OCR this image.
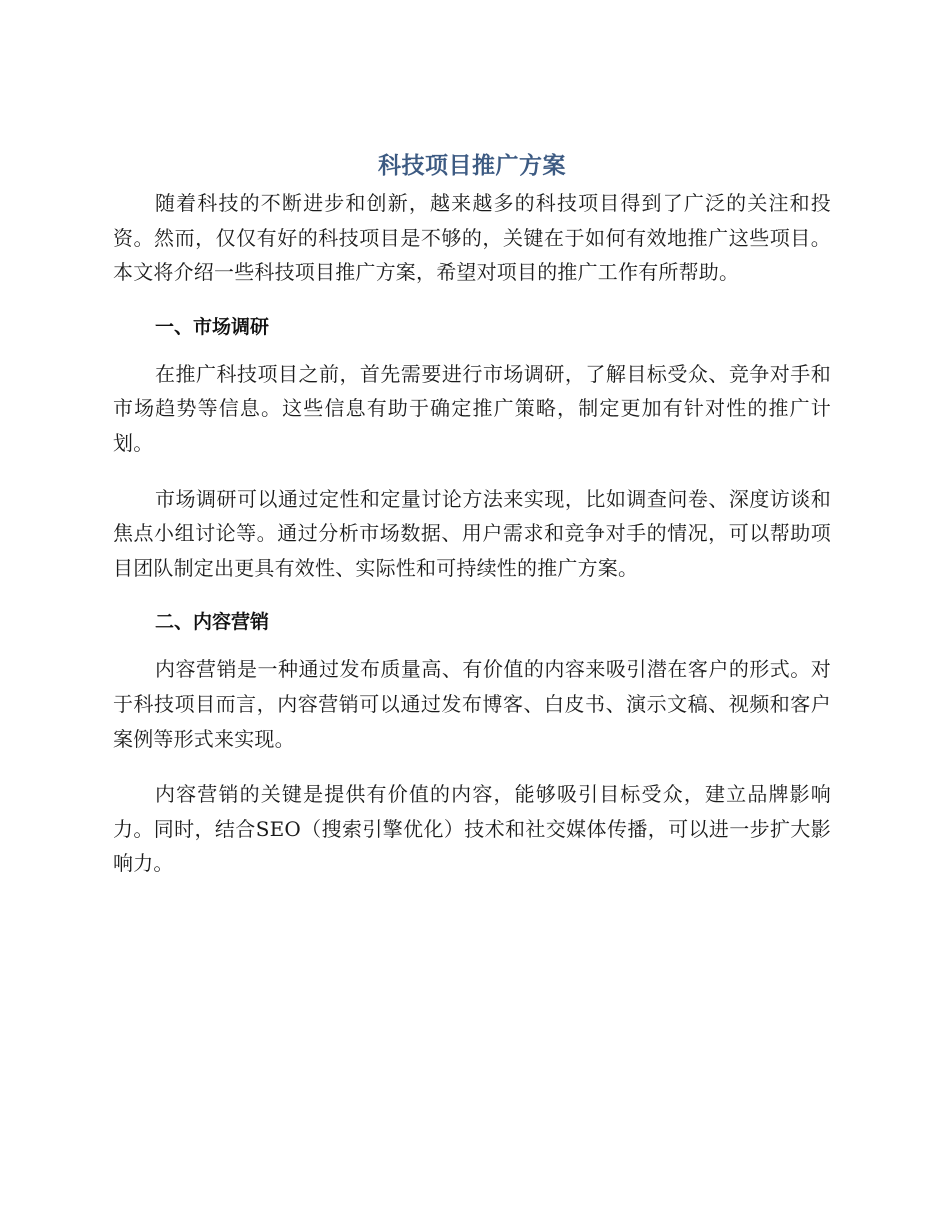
科技项目推广方案

随着科技的不断进步和创新，越来越多的科技项目得到了广泛的关注和投资。然而，仅仅有好的科技项目是不够的，关键在于如何有效地推广这些项目。本文将介绍一些科技项目推广方案，希望对项目的推广工作有所帮助。

一、市场调研

在推广科技项目之前，首先需要进行市场调研，了解目标受众、竞争对手和市场趋势等信息。这些信息有助于确定推广策略，制定更加有针对性的推广计划。

市场调研可以通过定性和定量讨论方法来实现，比如调查问卷、深度访谈和焦点小组讨论等。通过分析市场数据、用户需求和竞争对手的情况，可以帮助项目团队制定出更具有效性、实际性和可持续性的推广方案。

二、内容营销

内容营销是一种通过发布质量高、有价值的内容来吸引潜在客户的形式。对于科技项目而言，内容营销可以通过发布博客、白皮书、演示文稿、视频和客户案例等形式来实现。

内容营销的关键是提供有价值的内容，能够吸引目标受众，建立品牌影响力。同时，结合SEO（搜索引擎优化）技术和社交媒体传播，可以进一步扩大影响力。
